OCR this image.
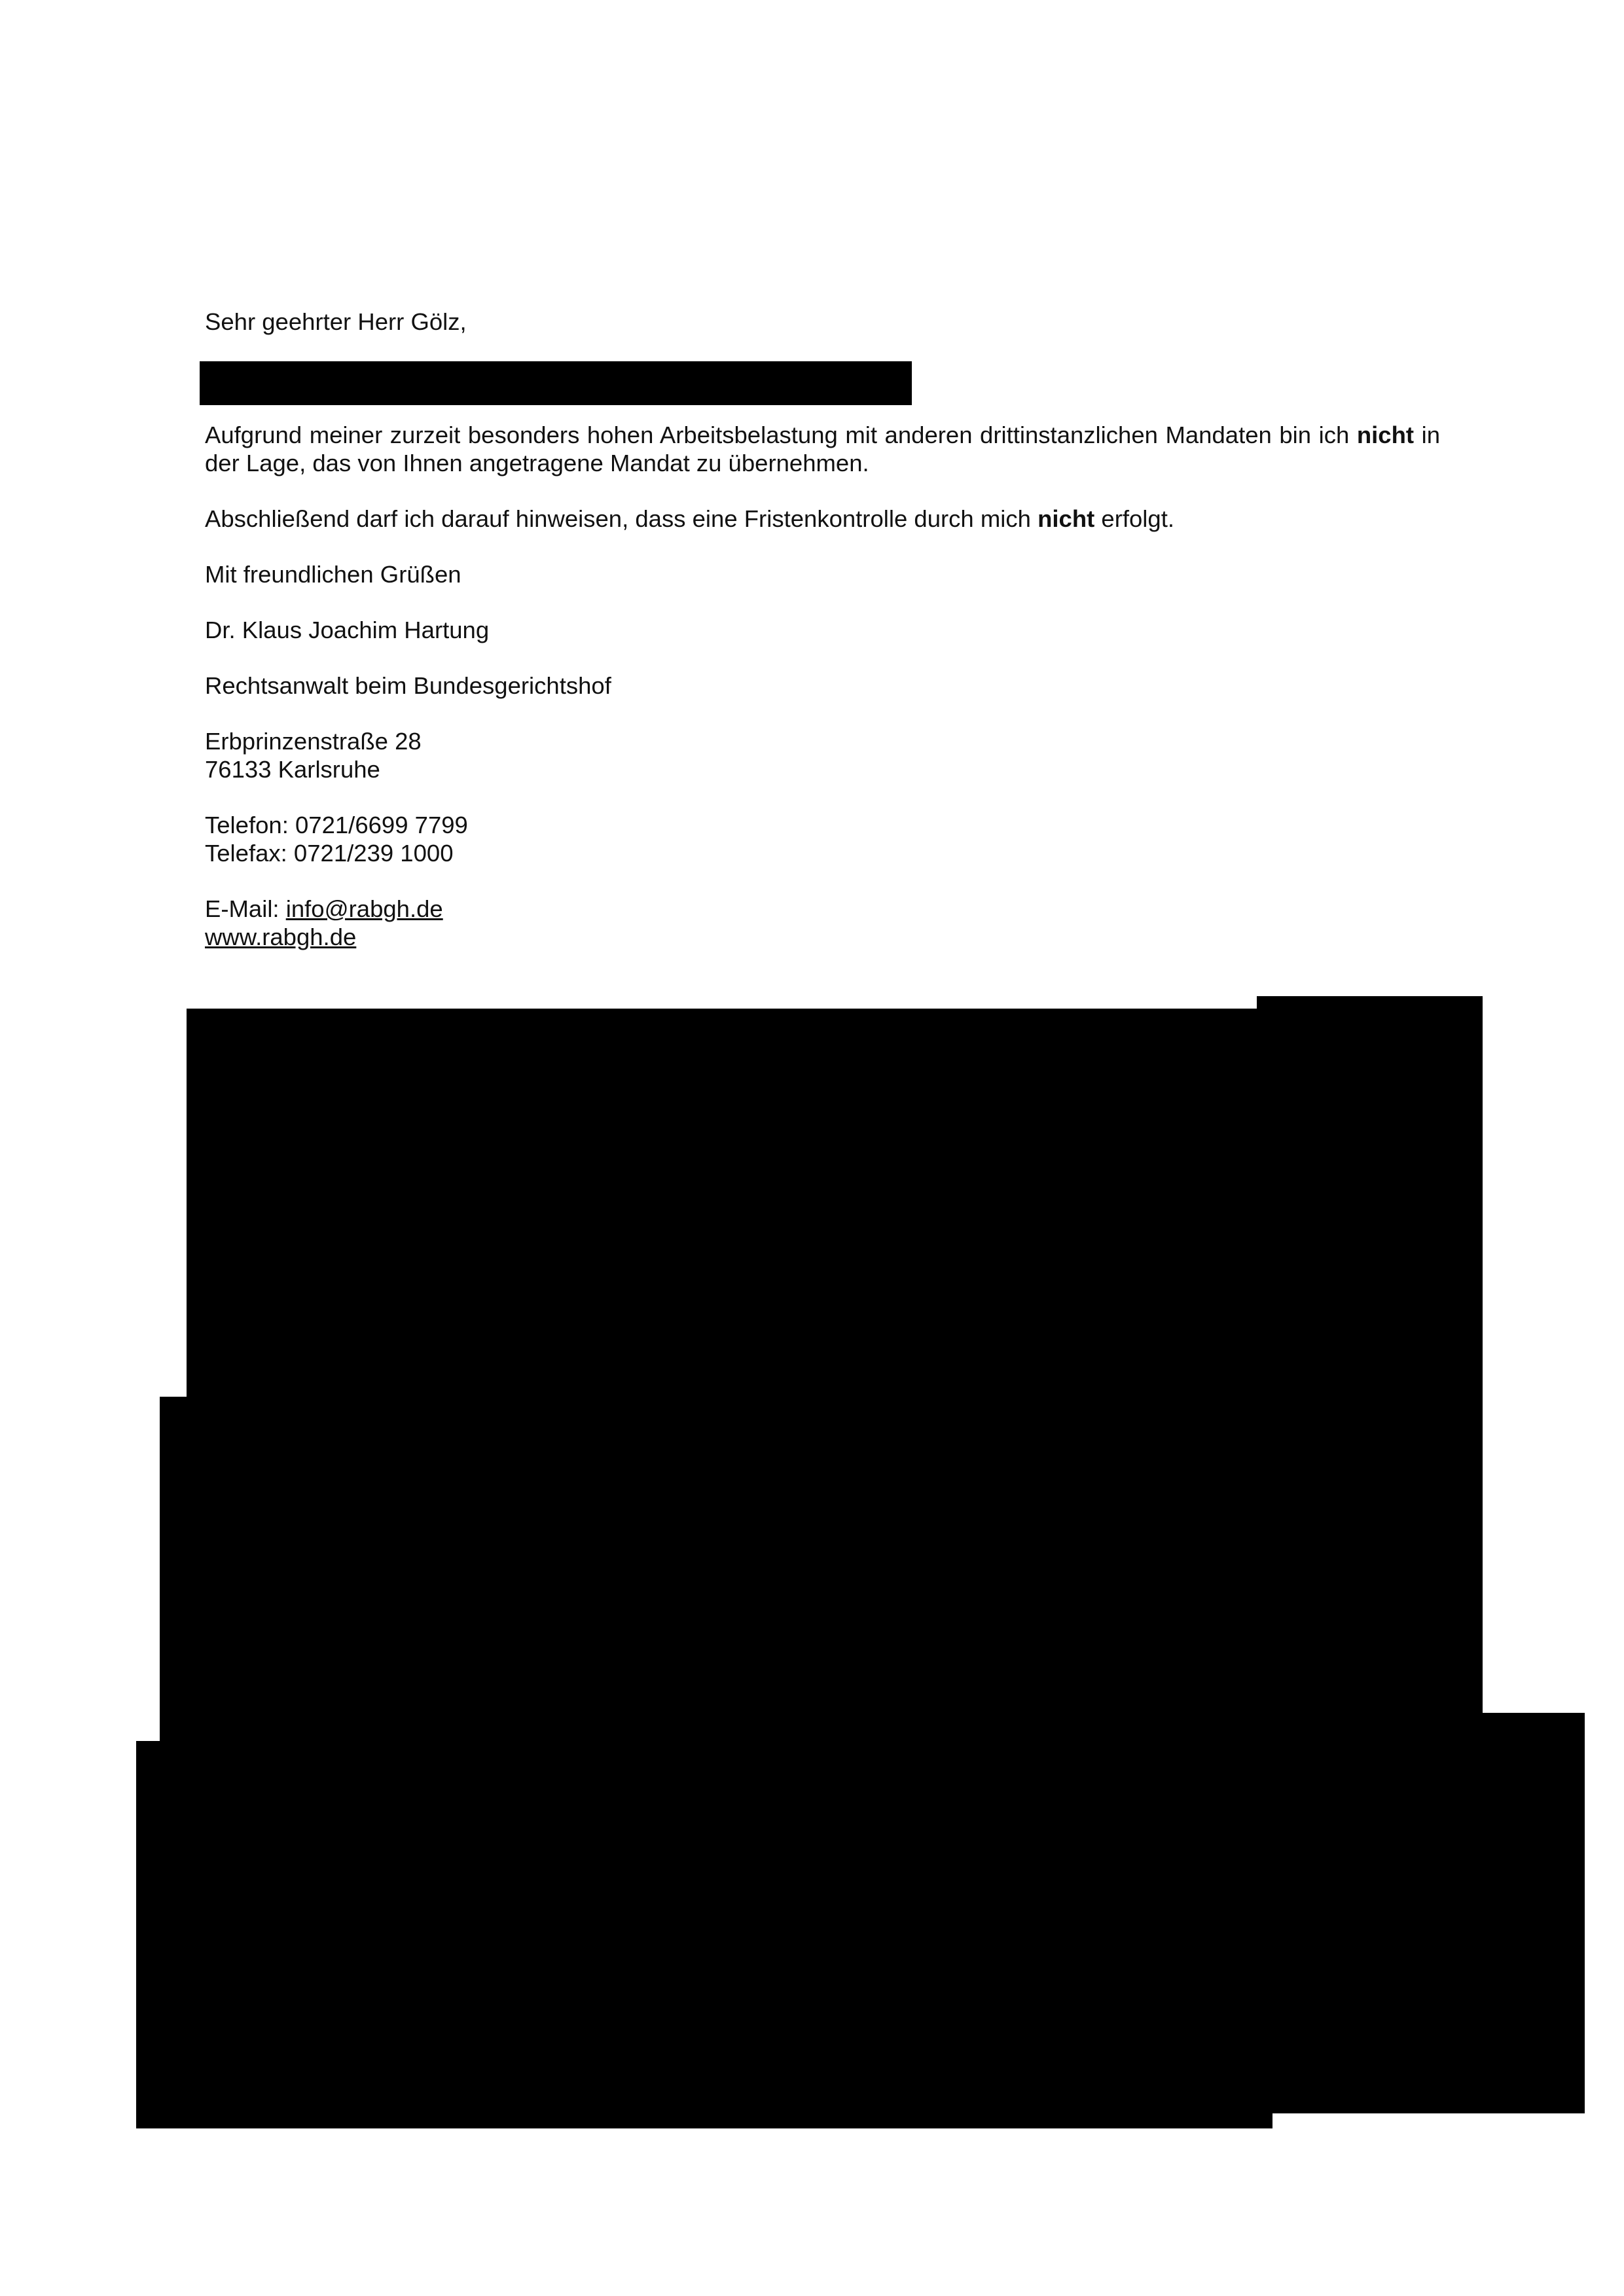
Sehr geehrter Herr Gölz,

Aufgrund meiner zurzeit besonders hohen Arbeitsbelastung mit anderen drittinstanzlichen Mandaten bin ich nicht in der Lage, das von Ihnen angetragene Mandat zu übernehmen.

Abschließend darf ich darauf hinweisen, dass eine Fristenkontrolle durch mich nicht erfolgt.

Mit freundlichen Grüßen

Dr. Klaus Joachim Hartung

Rechtsanwalt beim Bundesgerichtshof

Erbprinzenstraße 28
76133 Karlsruhe

Telefon: 0721/6699 7799
Telefax: 0721/239 1000

E-Mail: info@rabgh.de
www.rabgh.de
